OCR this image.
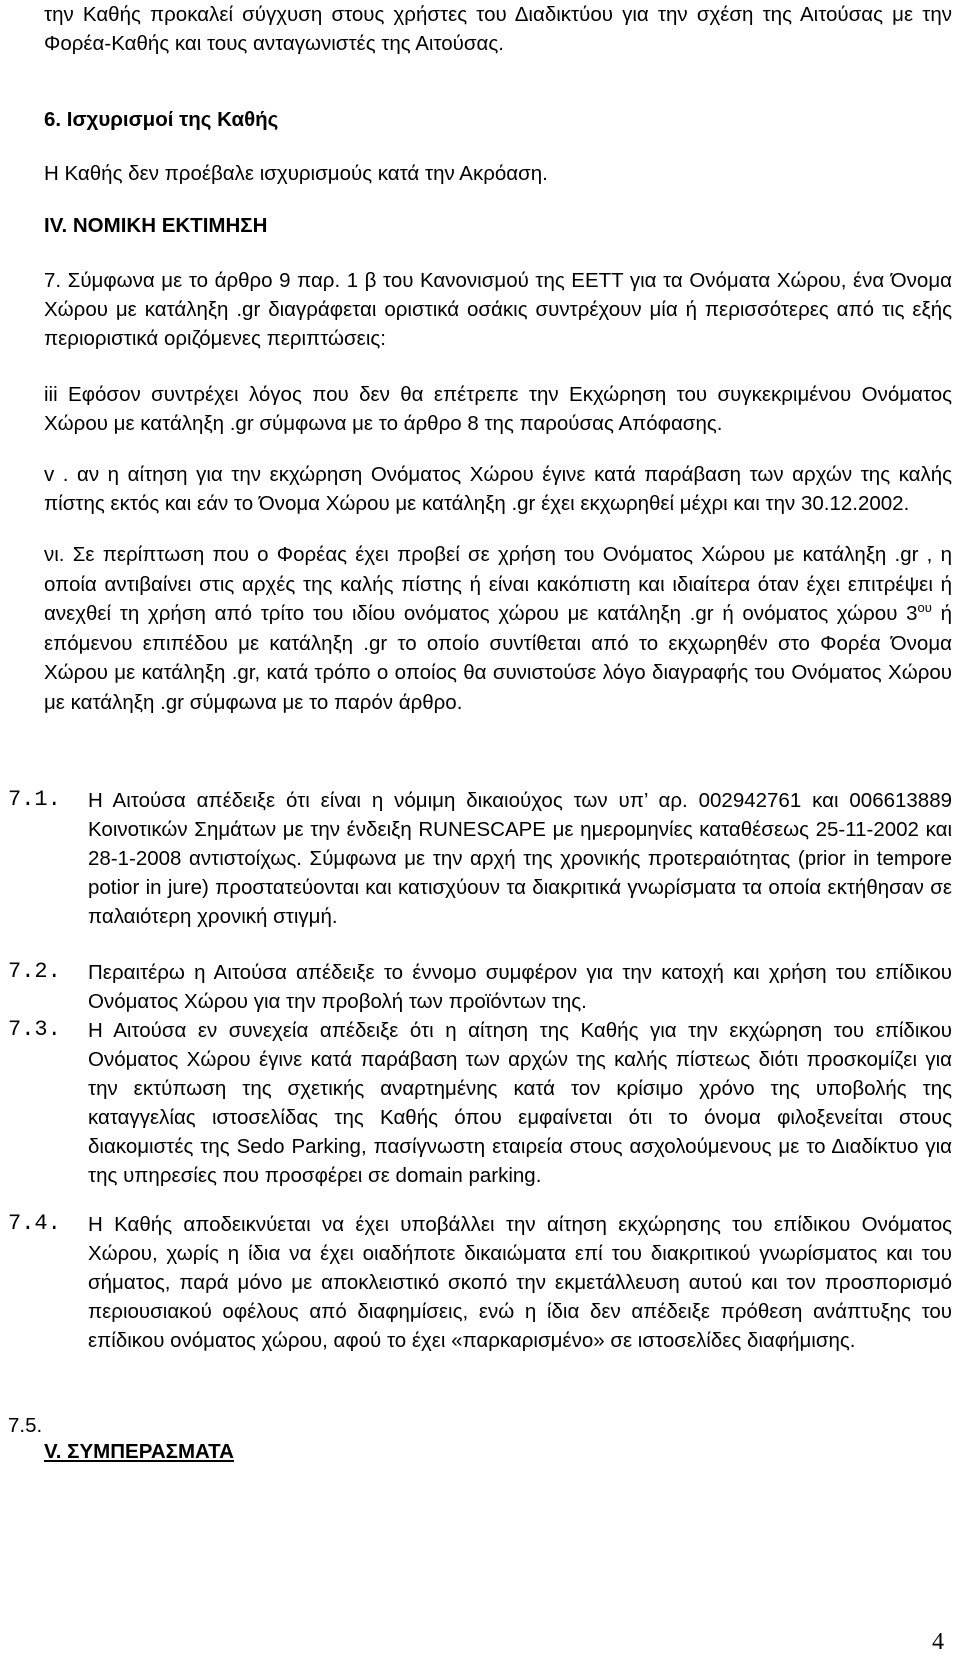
την Καθής προκαλεί σύγχυση στους χρήστες του Διαδικτύου για την σχέση της Αιτούσας με την Φορέα-Καθής και τους ανταγωνιστές της Αιτούσας.

6. Ισχυρισμοί της Καθής
Η Καθής δεν προέβαλε ισχυρισμούς κατά την Ακρόαση.
IV. ΝΟΜΙΚΗ ΕΚΤΙΜΗΣΗ

7. Σύμφωνα με το άρθρο 9 παρ. 1 β του Κανονισμού της ΕΕΤΤ για τα Ονόματα Χώρου, ένα Όνομα Χώρου με κατάληξη .gr διαγράφεται οριστικά οσάκις συντρέχουν μία ή περισσότερες από τις εξής περιοριστικά οριζόμενες περιπτώσεις:

iii Εφόσον συντρέχει λόγος που δεν θα επέτρεπε την Εκχώρηση του συγκεκριμένου Ονόματος Χώρου με κατάληξη .gr σύμφωνα με το άρθρο 8 της παρούσας Απόφασης.

v . αν η αίτηση για την εκχώρηση Ονόματος Χώρου έγινε κατά παράβαση των αρχών της καλής πίστης εκτός και εάν το Όνομα Χώρου με κατάληξη .gr έχει εκχωρηθεί μέχρι και την 30.12.2002.

νι. Σε περίπτωση που ο Φορέας έχει προβεί σε χρήση του Ονόματος Χώρου με κατάληξη .gr , η οποία αντιβαίνει στις αρχές της καλής πίστης ή είναι κακόπιστη και ιδιαίτερα όταν έχει επιτρέψει ή ανεχθεί τη χρήση από τρίτο του ιδίου ονόματος χώρου με κατάληξη .gr ή ονόματος χώρου $3^{o\upsilon}$ ή επόμενου επιπέδου με κατάληξη .gr το οποίο συντίθεται από το εκχωρηθέν στο Φορέα Όνομα Χώρου με κατάληξη .gr, κατά τρόπο ο οποίος θα συνιστούσε λόγο διαγραφής του Ονόματος Χώρου με κατάληξη .gr σύμφωνα με το παρόν άρθρο.

7.1. Η Αιτούσα απέδειξε ότι είναι η νόμιμη δικαιούχος των υπ’ αρ. 002942761 και 006613889 Κοινοτικών Σημάτων με την ένδειξη RUNESCAPE με ημερομηνίες καταθέσεως 25-11-2002 και 28-1-2008 αντιστοίχως. Σύμφωνα με την αρχή της χρονικής προτεραιότητας (prior in tempore potior in jure) προστατεύονται και κατισχύουν τα διακριτικά γνωρίσματα τα οποία εκτήθησαν σε παλαιότερη χρονική στιγμή.
7.2. Περαιτέρω η Αιτούσα απέδειξε το έννομο συμφέρον για την κατοχή και χρήση του επίδικου Ονόματος Χώρου για την προβολή των προϊόντων της.
7.3. Η Αιτούσα εν συνεχεία απέδειξε ότι η αίτηση της Καθής για την εκχώρηση του επίδικου Ονόματος Χώρου έγινε κατά παράβαση των αρχών της καλής πίστεως διότι προσκομίζει για την εκτύπωση της σχετικής αναρτημένης κατά τον κρίσιμο χρόνο της υποβολής της καταγγελίας ιστοσελίδας της Καθής όπου εμφαίνεται ότι το όνομα φιλοξενείται στους διακομιστές της Sedo Parking, πασίγνωστη εταιρεία στους ασχολούμενους με το Διαδίκτυο για της υπηρεσίες που προσφέρει σε domain parking.
7.4. Η Καθής αποδεικνύεται να έχει υποβάλλει την αίτηση εκχώρησης του επίδικου Ονόματος Χώρου, χωρίς η ίδια να έχει οιαδήποτε δικαιώματα επί του διακριτικού γνωρίσματος και του σήματος, παρά μόνο με αποκλειστικό σκοπό την εκμετάλλευση αυτού και τον προσπορισμό περιουσιακού οφέλους από διαφημίσεις, ενώ η ίδια δεν απέδειξε πρόθεση ανάπτυξης του επίδικου ονόματος χώρου, αφού το έχει «παρκαρισμένο» σε ιστοσελίδες διαφήμισης.
7.5.
V. ΣΥΜΠΕΡΑΣΜΑΤΑ
4
